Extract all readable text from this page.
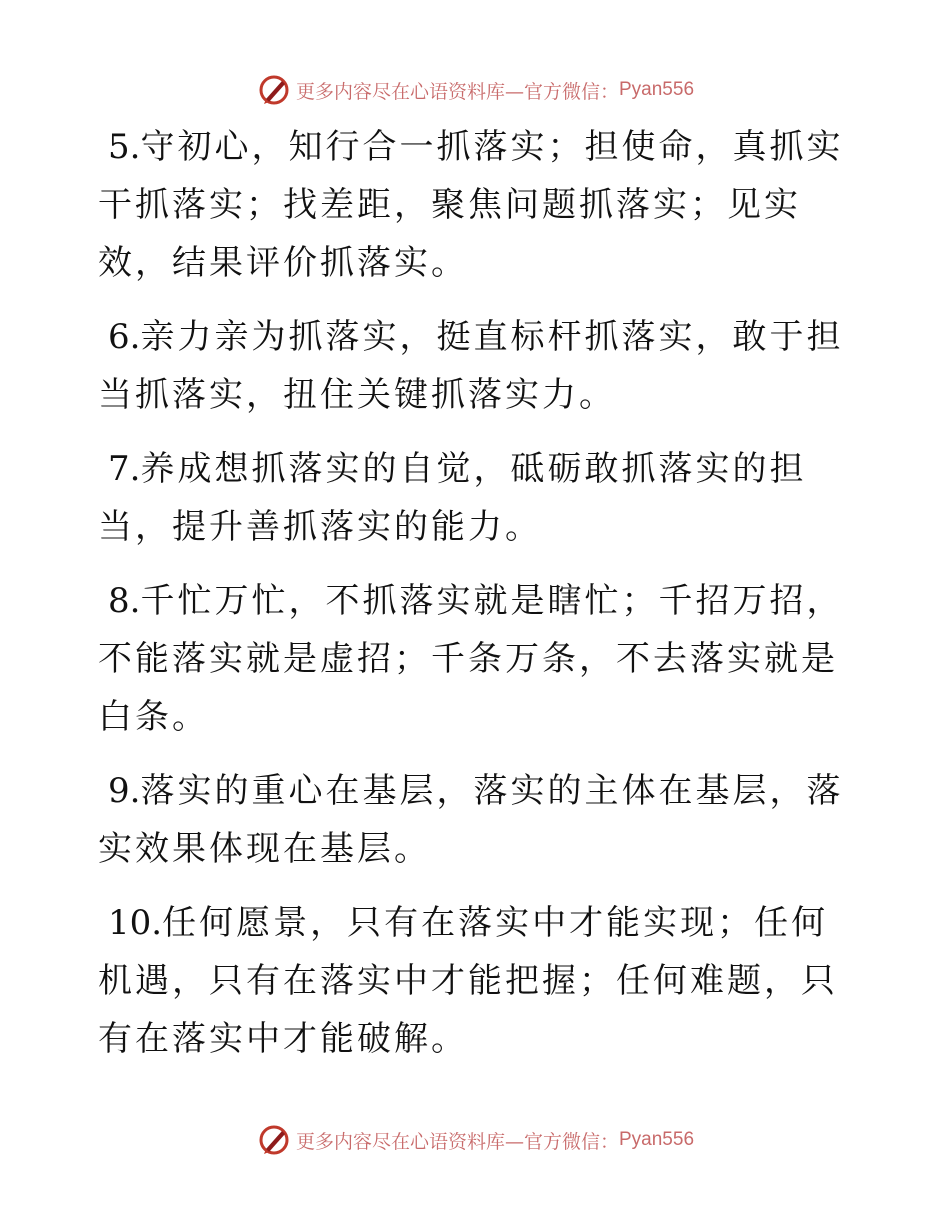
更多内容尽在心语资料库—官方微信： Pyan556

5.守初心，知行合一抓落实；担使命，真抓实干抓落实；找差距，聚焦问题抓落实；见实效，结果评价抓落实。

6.亲力亲为抓落实，挺直标杆抓落实，敢于担当抓落实，扭住关键抓落实力。

7.养成想抓落实的自觉，砥砺敢抓落实的担当，提升善抓落实的能力。

8.千忙万忙，不抓落实就是瞎忙；千招万招，不能落实就是虚招；千条万条，不去落实就是白条。

9.落实的重心在基层，落实的主体在基层，落实效果体现在基层。

10.任何愿景，只有在落实中才能实现；任何机遇，只有在落实中才能把握；任何难题，只有在落实中才能破解。

更多内容尽在心语资料库—官方微信： Pyan556
